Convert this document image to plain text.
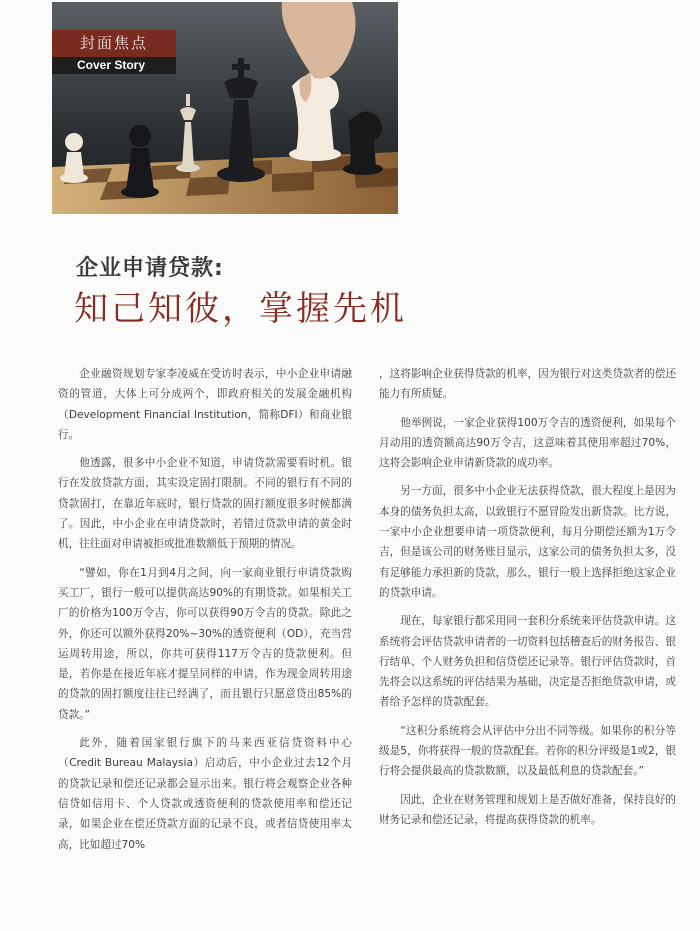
封面焦点
Cover Story
企业申请贷款:
知己知彼，掌握先机

企业融资规划专家李凌威在受访时表示，中小企业申请融资的管道，大体上可分成两个，即政府相关的发展金融机构（Development Financial Institution，简称DFI）和商业银行。

他透露，很多中小企业不知道，申请贷款需要看时机。银行在发放贷款方面，其实设定固打限制。不同的银行有不同的贷款固打，在靠近年底时，银行贷款的固打额度很多时候都满了。因此，中小企业在申请贷款时，若错过贷款申请的黄金时机，往往面对申请被拒或批准数额低于预期的情况。

“譬如，你在1月到4月之间，向一家商业银行申请贷款购买工厂，银行一般可以提供高达90%的有期贷款。如果相关工厂的价格为100万令吉，你可以获得90万令吉的贷款。除此之外，你还可以额外获得20%~30%的透资便利（OD），充当营运周转用途，所以，你共可获得117万令吉的贷款便利。但是，若你是在接近年底才提呈同样的申请，作为现金周转用途的贷款的固打额度往往已经满了，而且银行只愿意贷出85%的贷款。”

此外，随着国家银行旗下的马来西亚信贷资料中心（Credit Bureau Malaysia）启动后，中小企业过去12个月的贷款记录和偿还记录都会显示出来。银行将会观察企业各种信贷如信用卡、个人贷款或透资便利的贷款使用率和偿还记录，如果企业在偿还贷款方面的记录不良，或者信贷使用率太高，比如超过70%

，这将影响企业获得贷款的机率，因为银行对这类贷款者的偿还能力有所质疑。

他举例说，一家企业获得100万令吉的透资便利，如果每个月动用的透资额高达90万令吉，这意味着其使用率超过70%，这将会影响企业申请新贷款的成功率。

另一方面，很多中小企业无法获得贷款，很大程度上是因为本身的债务负担太高，以致银行不愿冒险发出新贷款。比方说，一家中小企业想要申请一项贷款便利，每月分期偿还额为1万令吉，但是该公司的财务账目显示，这家公司的债务负担太多，没有足够能力承担新的贷款，那么，银行一般上选择拒绝这家企业的贷款申请。

现在，每家银行都采用同一套积分系统来评估贷款申请。这系统将会评估贷款申请者的一切资料包括稽查后的财务报告、银行结单、个人财务负担和信贷偿还记录等。银行评估贷款时，首先将会以这系统的评估结果为基础，决定是否拒绝贷款申请，或者给予怎样的贷款配套。

“这积分系统将会从评估中分出不同等级。如果你的积分等级是5，你将获得一般的贷款配套。若你的积分评级是1或2，银行将会提供最高的贷款数额，以及最低利息的贷款配套。”

因此，企业在财务管理和规划上是否做好准备，保持良好的财务记录和偿还记录，将提高获得贷款的机率。
